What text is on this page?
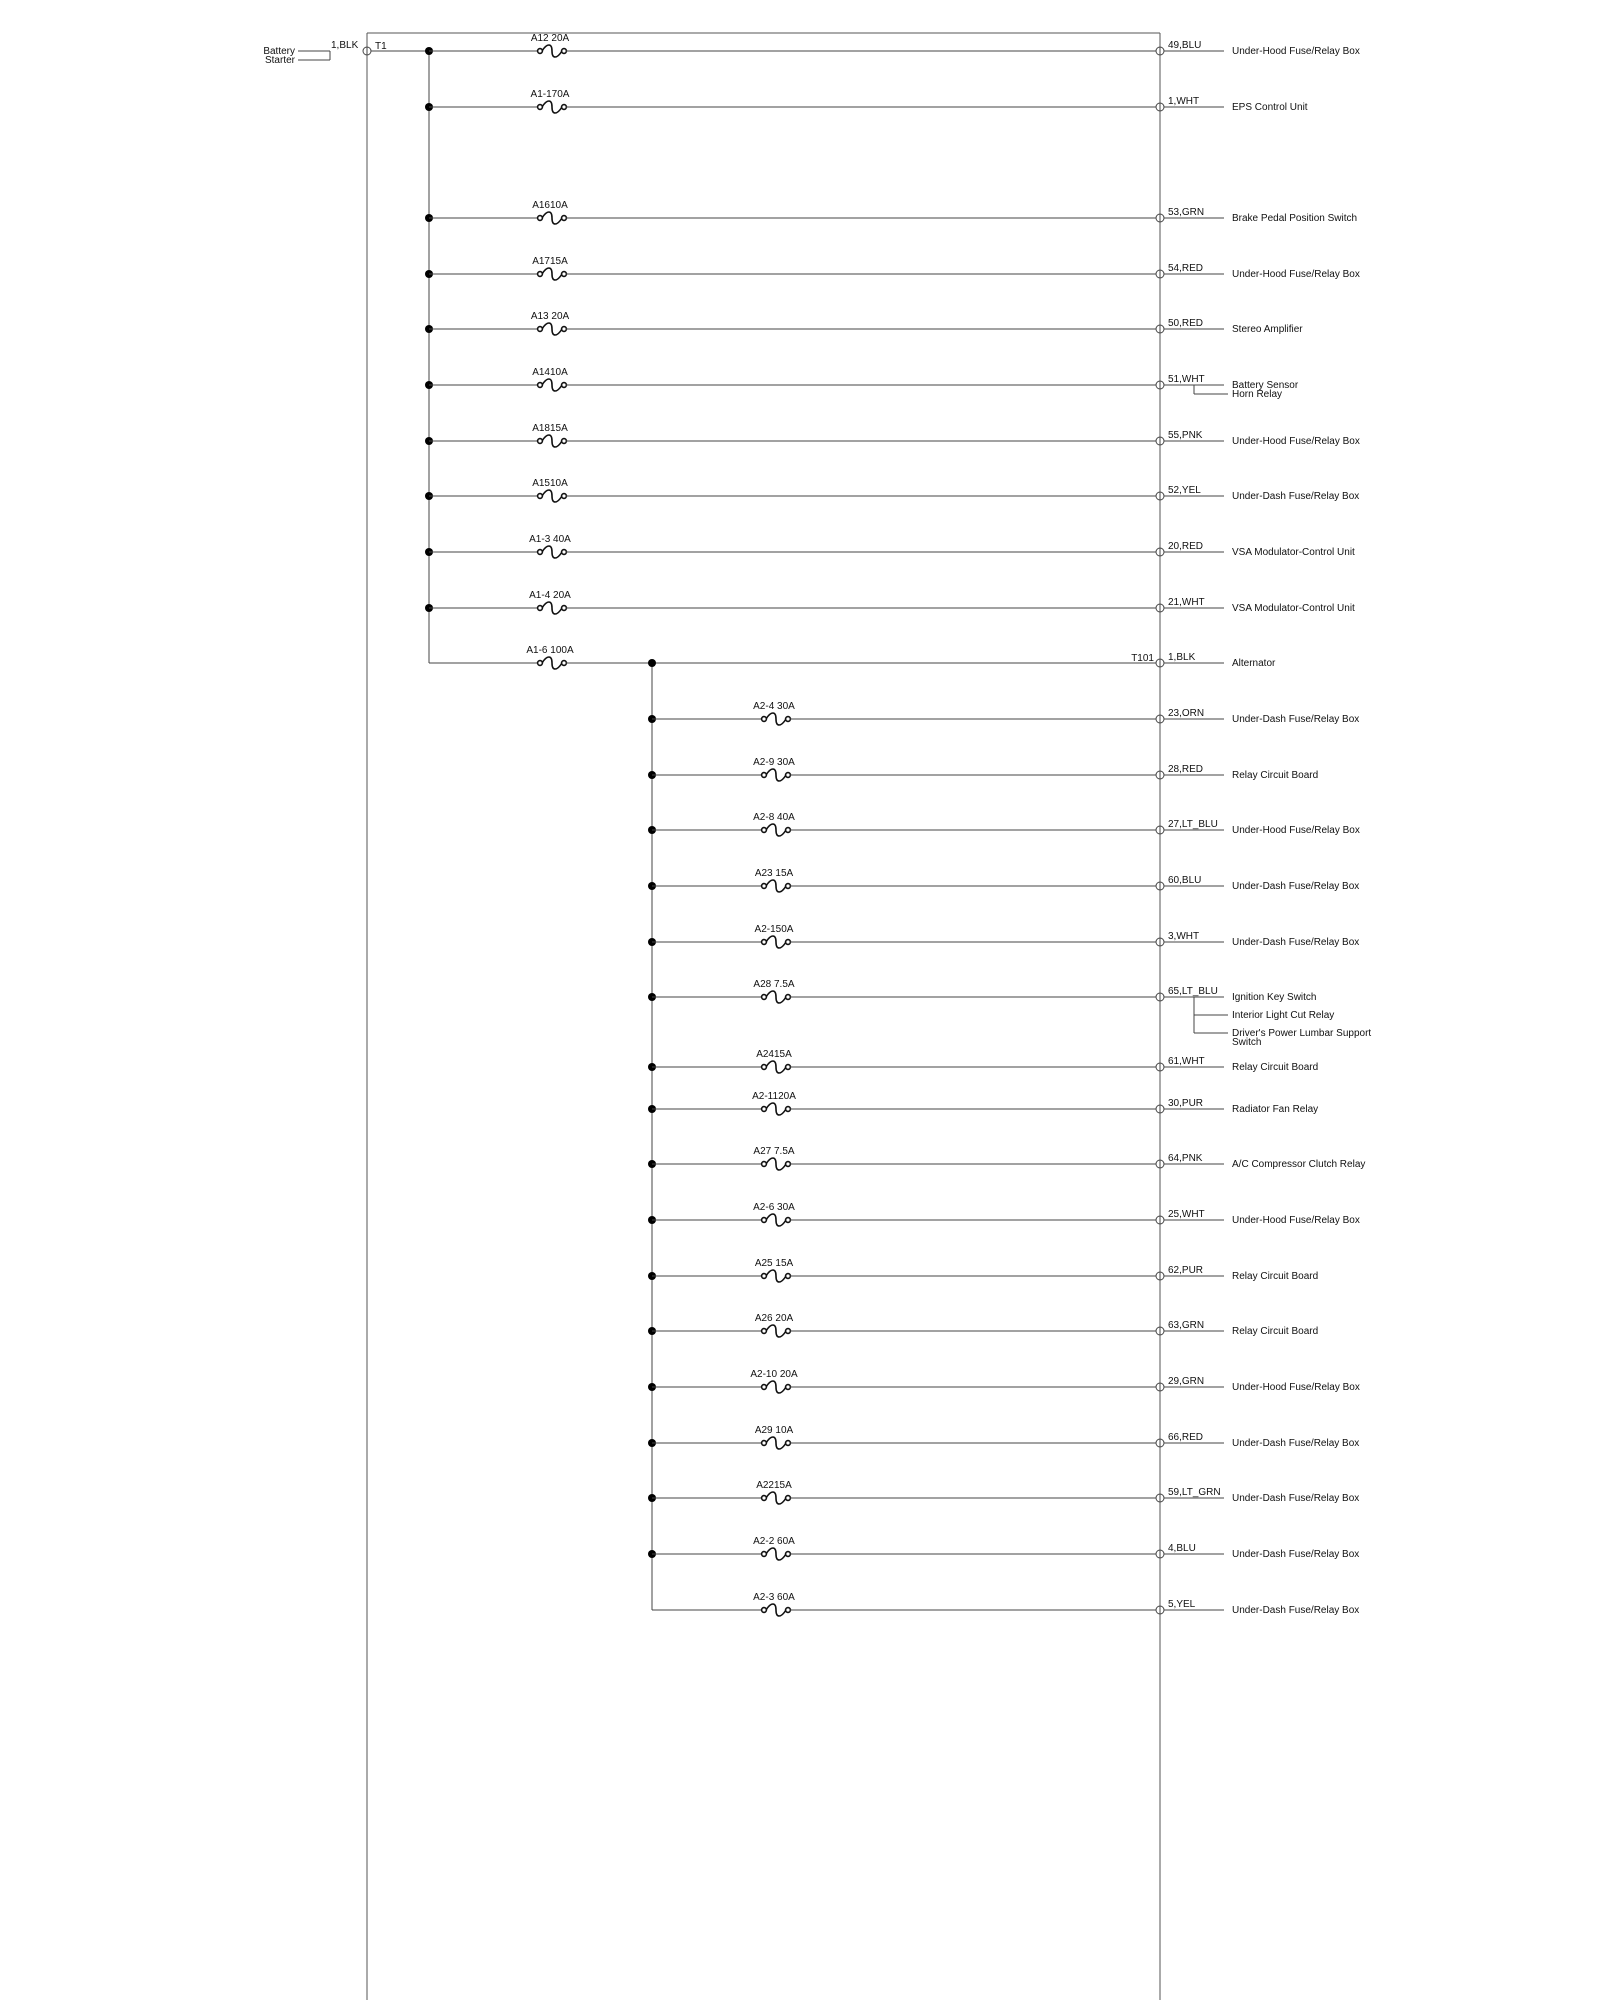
Battery
Starter
1,BLK T1
A12 20A
49,BLU
Under-Hood Fuse/Relay Box
A1-170A
1,WHT
EPS Control Unit
A1610A
53,GRN
Brake Pedal Position Switch
A1715A
54,RED
Under-Hood Fuse/Relay Box
A13 20A
50,RED
Stereo Amplifier
A1410A
51,WHT
Battery Sensor
Horn Relay
A1815A
55,PNK
Under-Hood Fuse/Relay Box
A1510A
52,YEL
Under-Dash Fuse/Relay Box
A1-3 40A
20,RED
VSA Modulator-Control Unit
A1-4 20A
21,WHT
VSA Modulator-Control Unit
A1-6 100A
T101 1,BLK
Alternator
A2-4 30A
23,ORN
Under-Dash Fuse/Relay Box
A2-9 30A
28,RED
Relay Circuit Board
A2-8 40A
27,LT_BLU
Under-Hood Fuse/Relay Box
A23 15A
60,BLU
Under-Dash Fuse/Relay Box
A2-150A
3,WHT
Under-Dash Fuse/Relay Box
A28 7.5A
65,LT_BLU
Ignition Key Switch
Interior Light Cut Relay
Driver's Power Lumbar Support Switch
A2415A
61,WHT
Relay Circuit Board
A2-1120A
30,PUR
Radiator Fan Relay
A27 7.5A
64,PNK
A/C Compressor Clutch Relay
A2-6 30A
25,WHT
Under-Hood Fuse/Relay Box
A25 15A
62,PUR
Relay Circuit Board
A26 20A
63,GRN
Relay Circuit Board
A2-10 20A
29,GRN
Under-Hood Fuse/Relay Box
A29 10A
66,RED
Under-Dash Fuse/Relay Box
A2215A
59,LT_GRN
Under-Dash Fuse/Relay Box
A2-2 60A
4,BLU
Under-Dash Fuse/Relay Box
A2-3 60A
5,YEL
Under-Dash Fuse/Relay Box
